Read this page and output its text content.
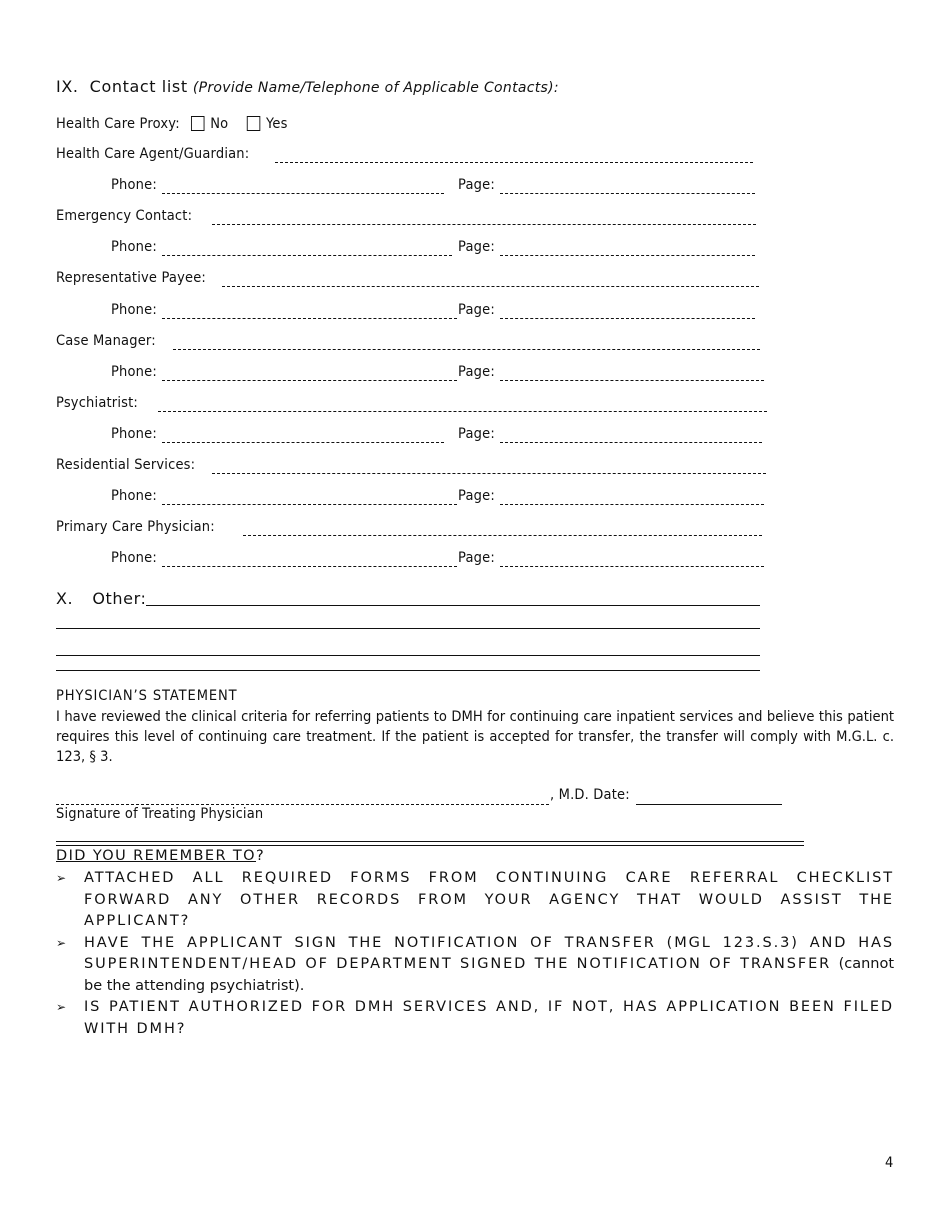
IX. Contact list (Provide Name/Telephone of Applicable Contacts):
Health Care Proxy: No	Yes
Health Care Agent/Guardian:
Phone:	Page:
Emergency Contact:
Phone:	Page:
Representative Payee:
Phone:	Page:
Case Manager:
Phone:	Page:
Psychiatrist:
Phone:	Page:
Residential Services:
Phone:	Page:
Primary Care Physician:
Phone:	Page:
X. Other:
PHYSICIAN’S STATEMENT
I have reviewed the clinical criteria for referring patients to DMH for continuing care inpatient services and believe this patient requires this level of continuing care treatment. If the patient is accepted for transfer, the transfer will comply with M.G.L. c. 123, § 3.
, M.D. Date:
Signature of Treating Physician
DID YOU REMEMBER TO?
➢ ATTACHED ALL REQUIRED FORMS FROM CONTINUING CARE REFERRAL CHECKLIST FORWARD ANY OTHER RECORDS FROM YOUR AGENCY THAT WOULD ASSIST THE APPLICANT?
➢ HAVE THE APPLICANT SIGN THE NOTIFICATION OF TRANSFER (MGL 123.S.3) AND HAS SUPERINTENDENT/HEAD OF DEPARTMENT SIGNED THE NOTIFICATION OF TRANSFER (cannot be the attending psychiatrist).
➢ IS PATIENT AUTHORIZED FOR DMH SERVICES AND, IF NOT, HAS APPLICATION BEEN FILED WITH DMH?
4
